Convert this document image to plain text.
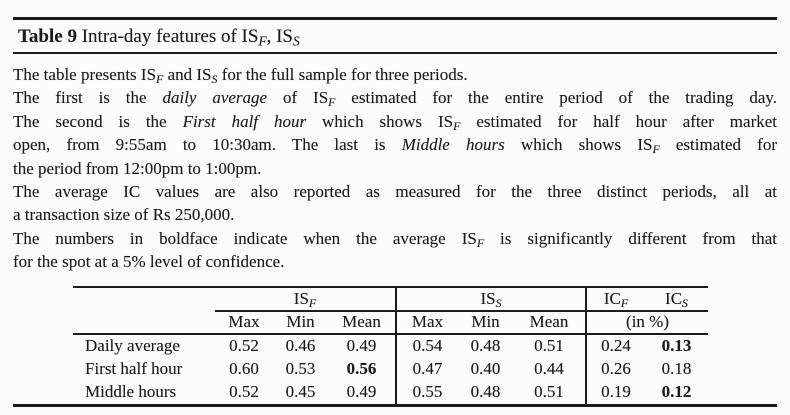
Table 9 Intra-day features of $IS_F$, $IS_S$
The table presents $IS_F$ and $IS_S$ for the full sample for three periods.
The first is the daily average of $IS_F$ estimated for the entire period of the trading day.
The second is the First half hour which shows $IS_F$ estimated for half hour after market
open, from 9:55am to 10:30am. The last is Middle hours which shows $IS_F$ estimated for
the period from 12:00pm to 1:00pm.
The average IC values are also reported as measured for the three distinct periods, all at
a transaction size of Rs 250,000.
The numbers in boldface indicate when the average $IS_F$ is significantly different from that
for the spot at a 5% level of confidence.
	$IS_F$			$IS_S$			$IC_F$	$IC_S$
	Max	Min	Mean	Max	Min	Mean	(in %)	
Daily average	0.52	0.46	0.49	0.54	0.48	0.51	0.24	0.13
First half hour	0.60	0.53	0.56	0.47	0.40	0.44	0.26	0.18
Middle hours	0.52	0.45	0.49	0.55	0.48	0.51	0.19	0.12
